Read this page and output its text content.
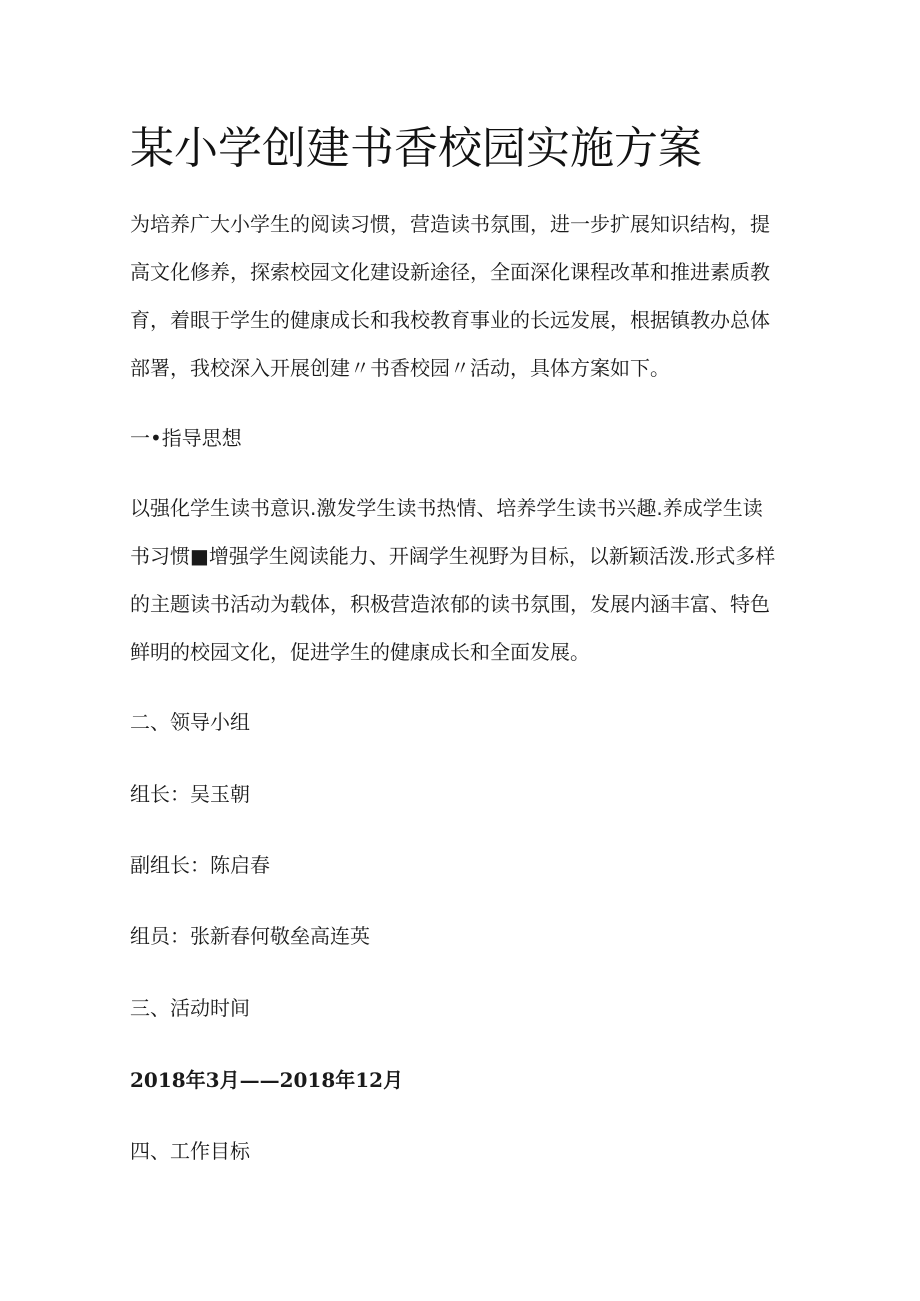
某小学创建书香校园实施方案

为培养广大小学生的阅读习惯，营造读书氛围，进一步扩展知识结构，提
高文化修养，探索校园文化建设新途径，全面深化课程改革和推进素质教
育，着眼于学生的健康成长和我校教育事业的长远发展，根据镇教办总体
部署，我校深入开展创建〃书香校园〃活动，具体方案如下。

一•指导思想

以强化学生读书意识.激发学生读书热情、培养学生读书兴趣.养成学生读
书习惯■增强学生阅读能力、开阔学生视野为目标，以新颖活泼.形式多样
的主题读书活动为载体，积极营造浓郁的读书氛围，发展内涵丰富、特色
鲜明的校园文化，促进学生的健康成长和全面发展。

二、领导小组

组长：吴玉朝

副组长：陈启春

组员：张新春何敬垒高连英

三、活动时间

2018年3月——2018年12月

四、工作目标
